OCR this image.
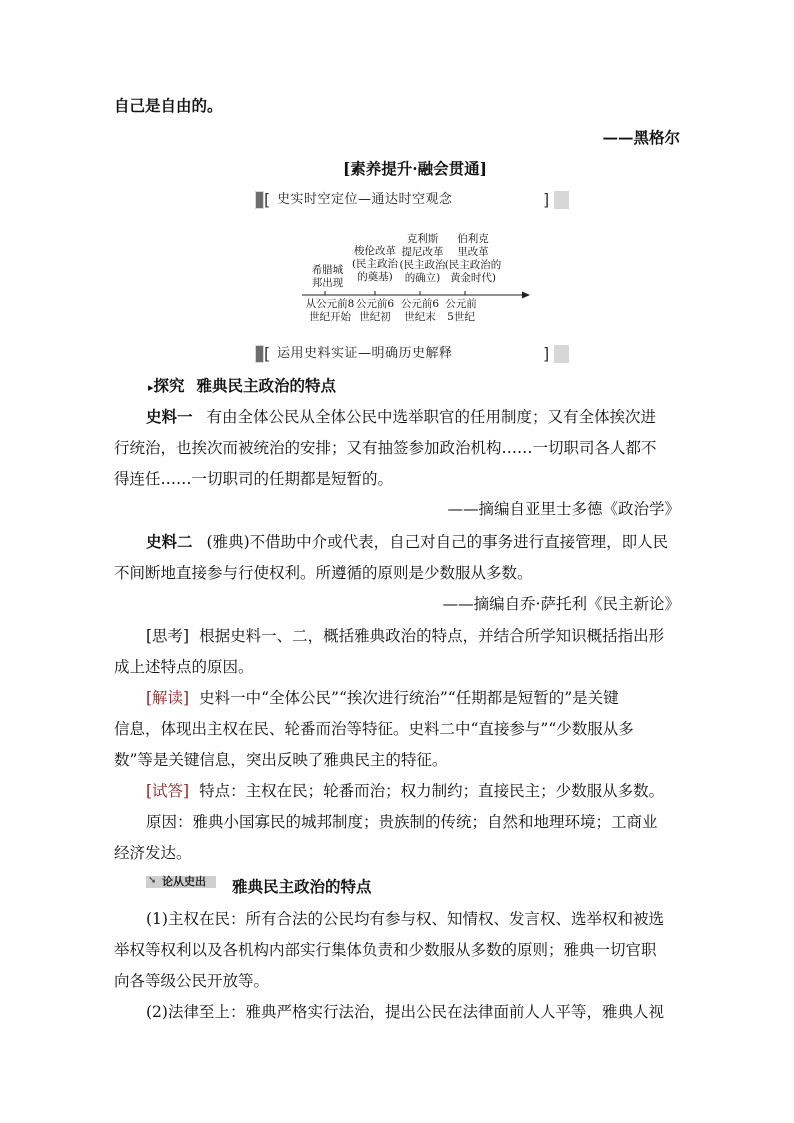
自己是自由的。
——黑格尔
[素养提升·融会贯通]
[ 史实时空定位—通达时空观念	]
希腊城
邦出现
梭伦改革
(民主政治
的奠基)
克利斯
提尼改革
(民主政治
的确立)
伯利克
里改革
(民主政治的
黄金时代)
从公元前8
世纪开始
公元前6
世纪初
公元前6
世纪末
公元前
5世纪
[ 运用史料实证—明确历史解释	]
▸探究 雅典民主政治的特点
史料一 有由全体公民从全体公民中选举职官的任用制度；又有全体挨次进
行统治，也挨次而被统治的安排；又有抽签参加政治机构……一切职司各人都不
得连任……一切职司的任期都是短暂的。
——摘编自亚里士多德《政治学》
史料二 (雅典)不借助中介或代表，自己对自己的事务进行直接管理，即人民
不间断地直接参与行使权利。所遵循的原则是少数服从多数。
——摘编自乔·萨托利《民主新论》
[思考] 根据史料一、二，概括雅典政治的特点，并结合所学知识概括指出形
成上述特点的原因。
[解读] 史料一中“全体公民”“挨次进行统治”“任期都是短暂的”是关键
信息，体现出主权在民、轮番而治等特征。史料二中“直接参与”“少数服从多
数”等是关键信息，突出反映了雅典民主的特征。
[试答] 特点：主权在民；轮番而治；权力制约；直接民主；少数服从多数。
原因：雅典小国寡民的城邦制度；贵族制的传统；自然和地理环境；工商业
经济发达。
➘ 论从史出 雅典民主政治的特点
(1)主权在民：所有合法的公民均有参与权、知情权、发言权、选举权和被选
举权等权利以及各机构内部实行集体负责和少数服从多数的原则；雅典一切官职
向各等级公民开放等。
(2)法律至上：雅典严格实行法治，提出公民在法律面前人人平等，雅典人视
